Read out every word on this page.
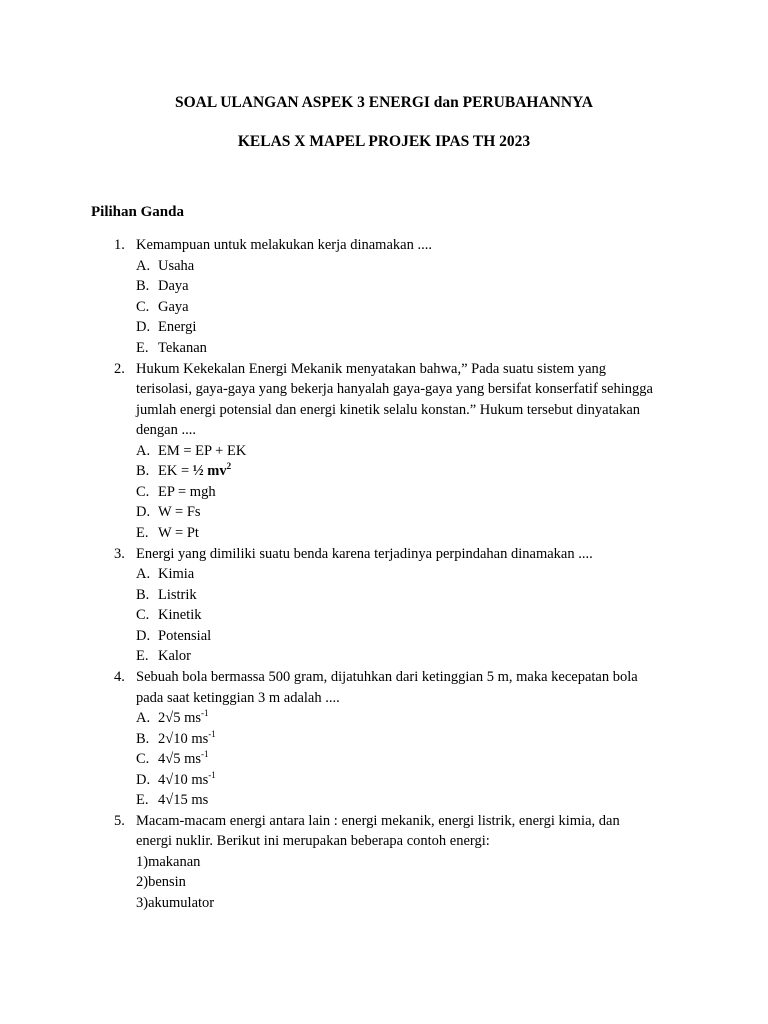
SOAL ULANGAN ASPEK 3 ENERGI dan PERUBAHANNYA
KELAS X MAPEL PROJEK IPAS TH 2023
Pilihan Ganda
1. Kemampuan untuk melakukan kerja dinamakan ....
A. Usaha
B. Daya
C. Gaya
D. Energi
E. Tekanan
2. Hukum Kekekalan Energi Mekanik menyatakan bahwa,” Pada suatu sistem yang
terisolasi, gaya-gaya yang bekerja hanyalah gaya-gaya yang bersifat konserfatif sehingga
jumlah energi potensial dan energi kinetik selalu konstan.” Hukum tersebut dinyatakan
dengan ....
A. EM = EP + EK
B. EK = ½ $mv^2$
C. EP = mgh
D. W = Fs
E. W = Pt
3. Energi yang dimiliki suatu benda karena terjadinya perpindahan dinamakan ....
A. Kimia
B. Listrik
C. Kinetik
D. Potensial
E. Kalor
4. Sebuah bola bermassa 500 gram, dijatuhkan dari ketinggian 5 m, maka kecepatan bola
pada saat ketinggian 3 m adalah ....
A. 2√5 $ms^{-1}$
B. 2√10 $ms^{-1}$
C. 4√5 $ms^{-1}$
D. 4√10 $ms^{-1}$
E. 4√15 ms
5. Macam-macam energi antara lain : energi mekanik, energi listrik, energi kimia, dan
energi nuklir. Berikut ini merupakan beberapa contoh energi:
1)makanan
2)bensin
3)akumulator
